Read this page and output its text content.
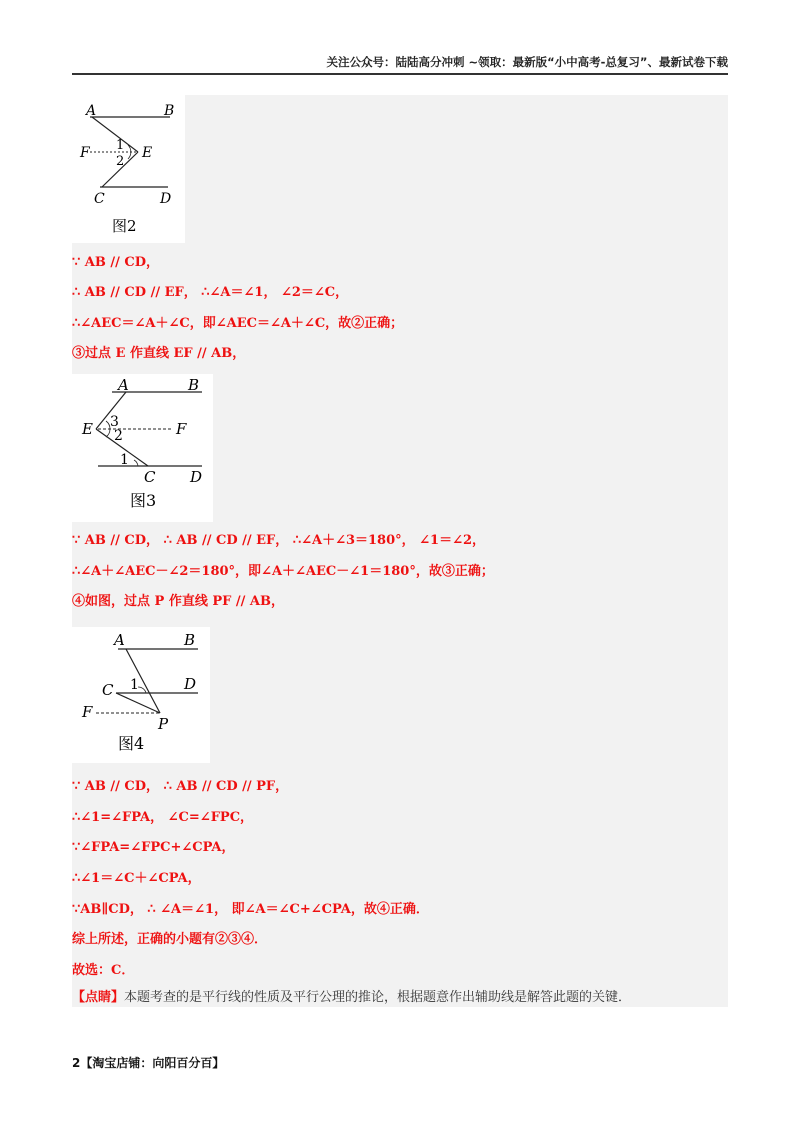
关注公众号：陆陆高分冲刺 ~领取：最新版“小中高考-总复习”、最新试卷下载
A	B
F	E
1
2
C	D
图2
∵ AB // CD，
∴ AB // CD // EF， ∴∠A＝∠1， ∠2＝∠C，
∴∠AEC＝∠A＋∠C，即∠AEC＝∠A＋∠C，故②正确；
③过点 E 作直线 EF // AB，
A	B
E 3
2	F
1
C D
图3
∵ AB // CD， ∴ AB // CD // EF， ∴∠A＋∠3＝180°， ∠1＝∠2，
∴∠A＋∠AEC－∠2＝180°，即∠A＋∠AEC－∠1＝180°，故③正确；
④如图，过点 P 作直线 PF // AB，
A	B
C 1	D
F
P
图4
∵ AB // CD， ∴ AB // CD // PF，
∴∠1=∠FPA， ∠C=∠FPC，
∵∠FPA=∠FPC+∠CPA，
∴∠1＝∠C＋∠CPA，
∵AB∥CD， ∴ ∠A＝∠1， 即∠A＝∠C+∠CPA，故④正确．
综上所述，正确的小题有②③④．
故选：C．
【点睛】本题考查的是平行线的性质及平行公理的推论，根据题意作出辅助线是解答此题的关键．
2【淘宝店铺：向阳百分百】
